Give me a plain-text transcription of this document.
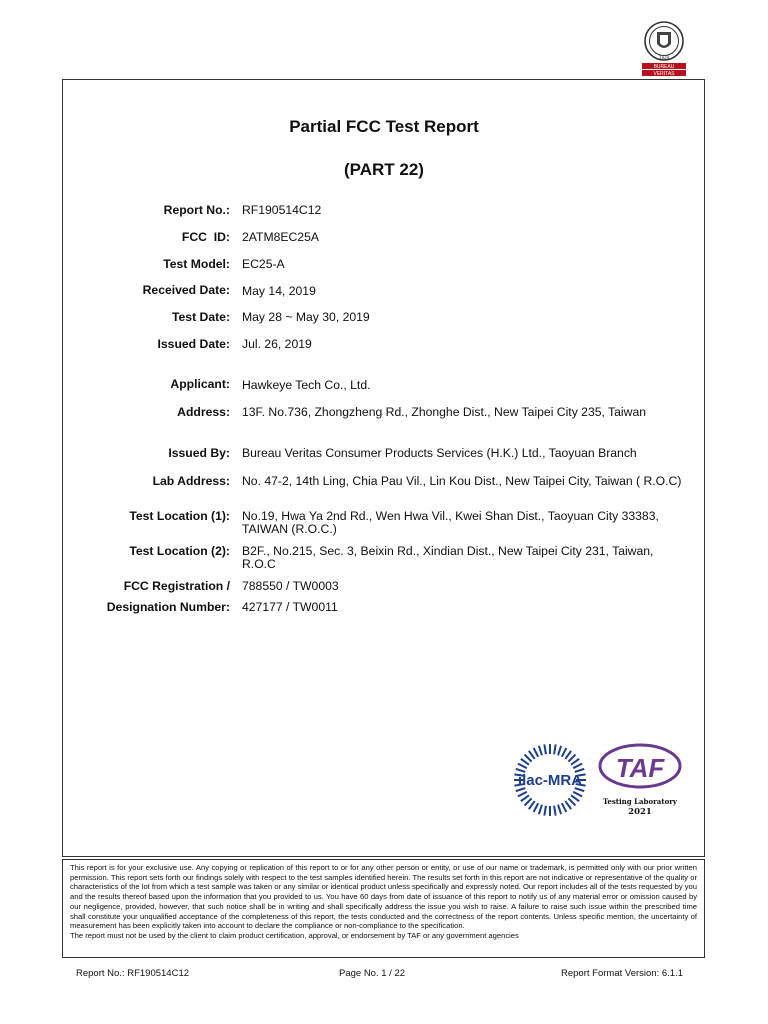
1828
BUREAU
VERITAS
Partial FCC Test Report
(PART 22)
Report No.: RF190514C12
FCC  ID: 2ATM8EC25A
Test Model: EC25-A
Received Date: May 14, 2019
Test Date: May 28 ~ May 30, 2019
Issued Date: Jul. 26, 2019
Applicant: Hawkeye Tech Co., Ltd.
Address: 13F. No.736, Zhongzheng Rd., Zhonghe Dist., New Taipei City 235, Taiwan
Issued By: Bureau Veritas Consumer Products Services (H.K.) Ltd., Taoyuan Branch
Lab Address: No. 47-2, 14th Ling, Chia Pau Vil., Lin Kou Dist., New Taipei City, Taiwan ( R.O.C)
Test Location (1): No.19, Hwa Ya 2nd Rd., Wen Hwa Vil., Kwei Shan Dist., Taoyuan City 33383, TAIWAN (R.O.C.)
Test Location (2): B2F., No.215, Sec. 3, Beixin Rd., Xindian Dist., New Taipei City 231, Taiwan, R.O.C
FCC Registration / 788550 / TW0003
Designation Number: 427177 / TW0011
ilac-MRA TAF
Testing Laboratory
2021

This report is for your exclusive use. Any copying or replication of this report to or for any other person or entity, or use of our name or trademark, is permitted only with our prior written permission. This report sets forth our findings solely with respect to the test samples identified herein. The results set forth in this report are not indicative or representative of the quality or characteristics of the lot from which a test sample was taken or any similar or identical product unless specifically and expressly noted. Our report includes all of the tests requested by you and the results thereof based upon the information that you provided to us. You have 60 days from date of issuance of this report to notify us of any material error or omission caused by our negligence, provided, however, that such notice shall be in writing and shall specifically address the issue you wish to raise. A failure to raise such issue within the prescribed time shall constitute your unqualified acceptance of the completeness of this report, the tests conducted and the correctness of the report contents. Unless specific mention, the uncertainty of measurement has been explicitly taken into account to declare the compliance or non-compliance to the specification.

The report must not be used by the client to claim product certification, approval, or endorsement by TAF or any government agencies

Report No.: RF190514C12	Page No. 1 / 22	Report Format Version: 6.1.1
